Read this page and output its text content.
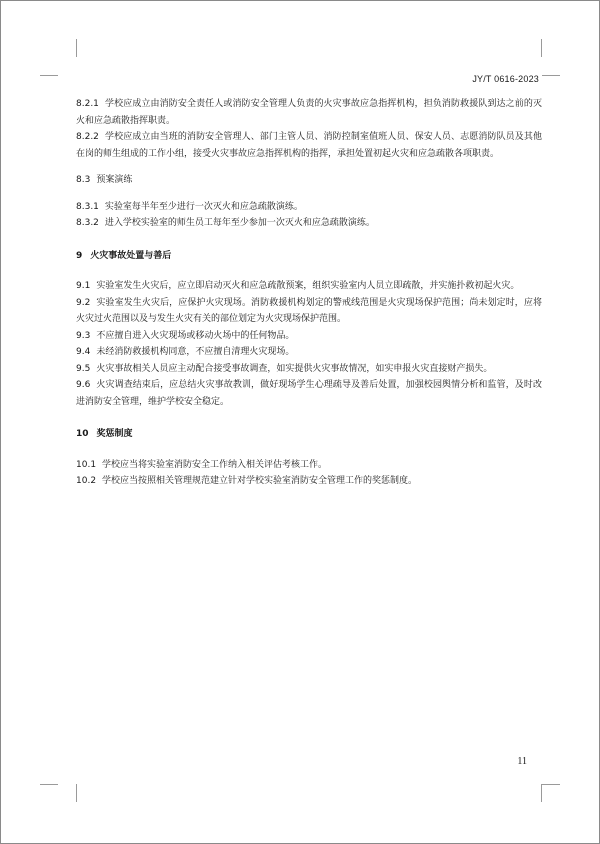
JY/T 0616-2023

8.2.1 学校应成立由消防安全责任人或消防安全管理人负责的火灾事故应急指挥机构，担负消防救援队到达之前的灭火和应急疏散指挥职责。

8.2.2 学校应成立由当班的消防安全管理人、部门主管人员、消防控制室值班人员、保安人员、志愿消防队员及其他在岗的师生组成的工作小组，接受火灾事故应急指挥机构的指挥，承担处置初起火灾和应急疏散各项职责。

8.3 预案演练

8.3.1 实验室每半年至少进行一次灭火和应急疏散演练。

8.3.2 进入学校实验室的师生员工每年至少参加一次灭火和应急疏散演练。

9 火灾事故处置与善后

9.1 实验室发生火灾后，应立即启动灭火和应急疏散预案，组织实验室内人员立即疏散，并实施扑救初起火灾。

9.2 实验室发生火灾后，应保护火灾现场。消防救援机构划定的警戒线范围是火灾现场保护范围；尚未划定时，应将火灾过火范围以及与发生火灾有关的部位划定为火灾现场保护范围。

9.3 不应擅自进入火灾现场或移动火场中的任何物品。

9.4 未经消防救援机构同意，不应擅自清理火灾现场。

9.5 火灾事故相关人员应主动配合接受事故调查，如实提供火灾事故情况，如实申报火灾直接财产损失。

9.6 火灾调查结束后，应总结火灾事故教训，做好现场学生心理疏导及善后处置，加强校园舆情分析和监管，及时改进消防安全管理，维护学校安全稳定。

10 奖惩制度

10.1 学校应当将实验室消防安全工作纳入相关评估考核工作。

10.2 学校应当按照相关管理规范建立针对学校实验室消防安全管理工作的奖惩制度。

11
